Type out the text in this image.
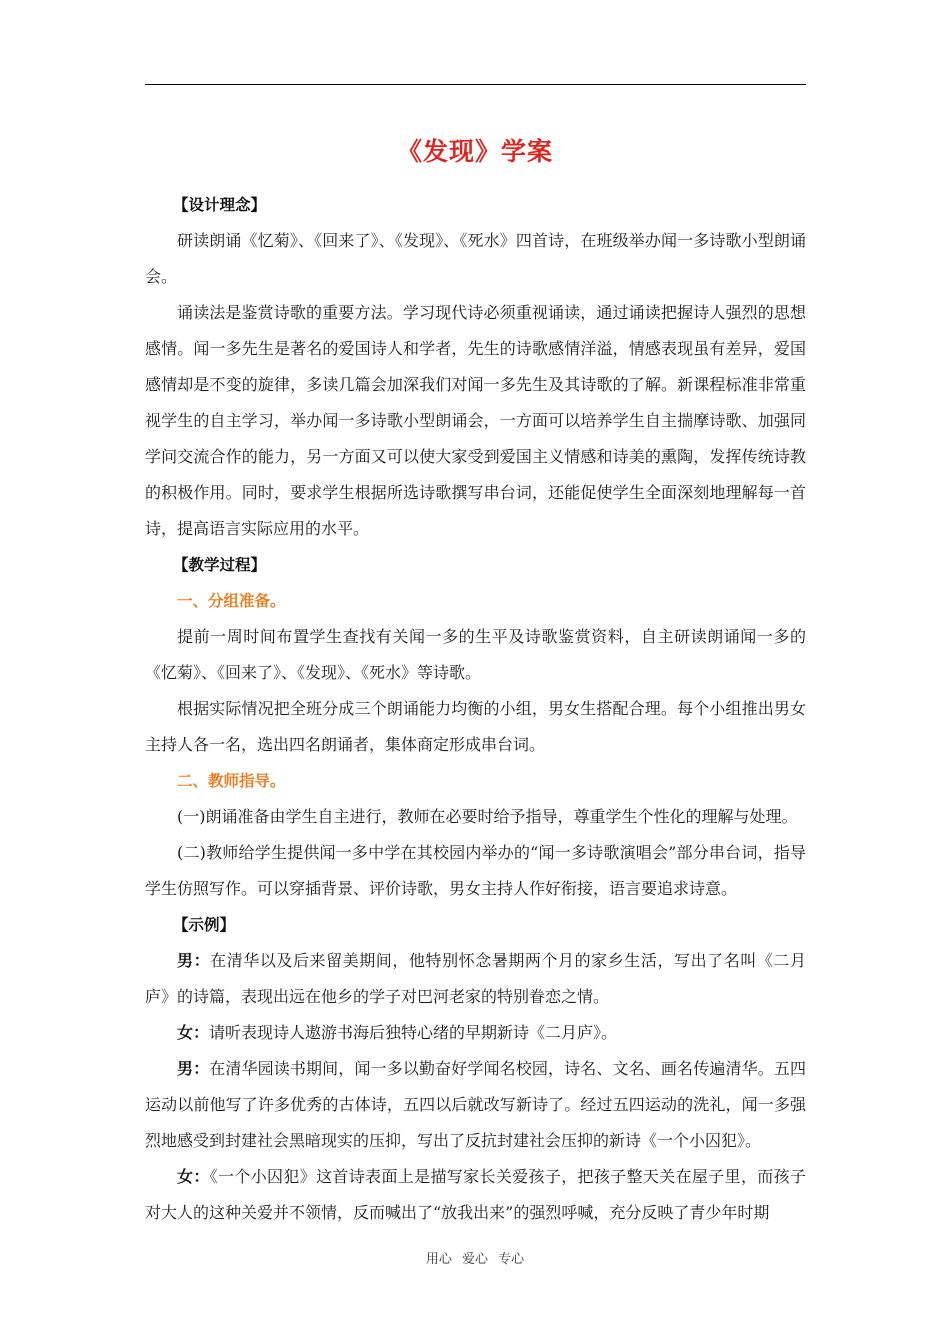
《发现》学案

【设计理念】

研读朗诵《忆菊》、《回来了》、《发现》、《死水》四首诗，在班级举办闻一多诗歌小型朗诵会。

诵读法是鉴赏诗歌的重要方法。学习现代诗必须重视诵读，通过诵读把握诗人强烈的思想感情。闻一多先生是著名的爱国诗人和学者，先生的诗歌感情洋溢，情感表现虽有差异，爱国感情却是不变的旋律，多读几篇会加深我们对闻一多先生及其诗歌的了解。新课程标准非常重视学生的自主学习，举办闻一多诗歌小型朗诵会，一方面可以培养学生自主揣摩诗歌、加强同学问交流合作的能力，另一方面又可以使大家受到爱国主义情感和诗美的熏陶，发挥传统诗教的积极作用。同时，要求学生根据所选诗歌撰写串台词，还能促使学生全面深刻地理解每一首诗，提高语言实际应用的水平。

【教学过程】

一、分组准备。

提前一周时间布置学生查找有关闻一多的生平及诗歌鉴赏资料，自主研读朗诵闻一多的《忆菊》、《回来了》、《发现》、《死水》等诗歌。

根据实际情况把全班分成三个朗诵能力均衡的小组，男女生搭配合理。每个小组推出男女主持人各一名，选出四名朗诵者，集体商定形成串台词。

二、教师指导。

(一)朗诵准备由学生自主进行，教师在必要时给予指导，尊重学生个性化的理解与处理。

(二)教师给学生提供闻一多中学在其校园内举办的“闻一多诗歌演唱会”部分串台词，指导学生仿照写作。可以穿插背景、评价诗歌，男女主持人作好衔接，语言要追求诗意。

【示例】

男：在清华以及后来留美期间，他特别怀念暑期两个月的家乡生活，写出了名叫《二月庐》的诗篇，表现出远在他乡的学子对巴河老家的特别眷恋之情。

女：请听表现诗人遨游书海后独特心绪的早期新诗《二月庐》。

男：在清华园读书期间，闻一多以勤奋好学闻名校园，诗名、文名、画名传遍清华。五四运动以前他写了许多优秀的古体诗，五四以后就改写新诗了。经过五四运动的洗礼，闻一多强烈地感受到封建社会黑暗现实的压抑，写出了反抗封建社会压抑的新诗《一个小囚犯》。

女：《一个小囚犯》这首诗表面上是描写家长关爱孩子，把孩子整天关在屋子里，而孩子对大人的这种关爱并不领情，反而喊出了“放我出来”的强烈呼喊，充分反映了青少年时期

用心 爱心 专心
